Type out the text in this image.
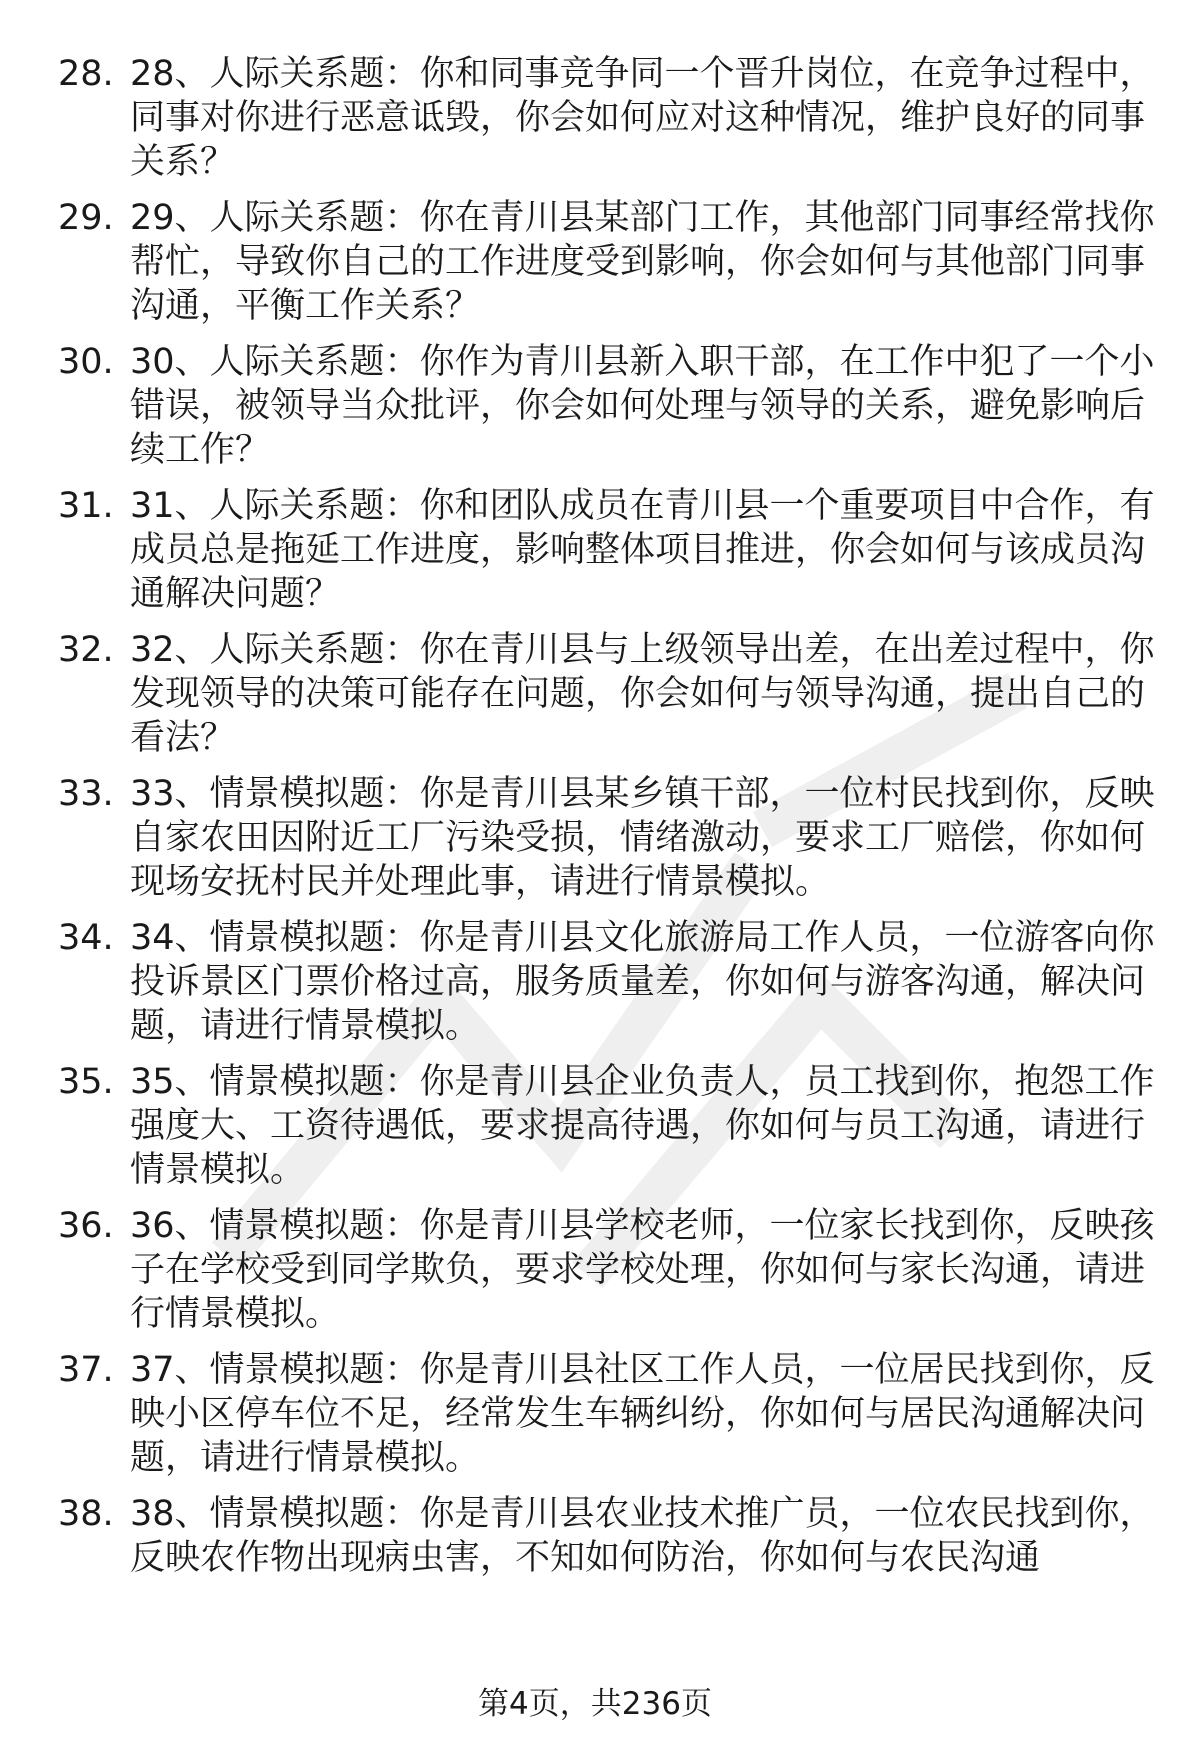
28. 28、人际关系题：你和同事竞争同一个晋升岗位，在竞争过程中，同事对你进行恶意诋毁，你会如何应对这种情况，维护良好的同事关系？
29. 29、人际关系题：你在青川县某部门工作，其他部门同事经常找你帮忙，导致你自己的工作进度受到影响，你会如何与其他部门同事沟通，平衡工作关系？
30. 30、人际关系题：你作为青川县新入职干部，在工作中犯了一个小错误，被领导当众批评，你会如何处理与领导的关系，避免影响后续工作？
31. 31、人际关系题：你和团队成员在青川县一个重要项目中合作，有成员总是拖延工作进度，影响整体项目推进，你会如何与该成员沟通解决问题？
32. 32、人际关系题：你在青川县与上级领导出差，在出差过程中，你发现领导的决策可能存在问题，你会如何与领导沟通，提出自己的看法？
33. 33、情景模拟题：你是青川县某乡镇干部，一位村民找到你，反映自家农田因附近工厂污染受损，情绪激动，要求工厂赔偿，你如何现场安抚村民并处理此事，请进行情景模拟。
34. 34、情景模拟题：你是青川县文化旅游局工作人员，一位游客向你投诉景区门票价格过高，服务质量差，你如何与游客沟通，解决问题，请进行情景模拟。
35. 35、情景模拟题：你是青川县企业负责人，员工找到你，抱怨工作强度大、工资待遇低，要求提高待遇，你如何与员工沟通，请进行情景模拟。
36. 36、情景模拟题：你是青川县学校老师，一位家长找到你，反映孩子在学校受到同学欺负，要求学校处理，你如何与家长沟通，请进行情景模拟。
37. 37、情景模拟题：你是青川县社区工作人员，一位居民找到你，反映小区停车位不足，经常发生车辆纠纷，你如何与居民沟通解决问题，请进行情景模拟。
38. 38、情景模拟题：你是青川县农业技术推广员，一位农民找到你，反映农作物出现病虫害，不知如何防治，你如何与农民沟通
第4页，共236页
